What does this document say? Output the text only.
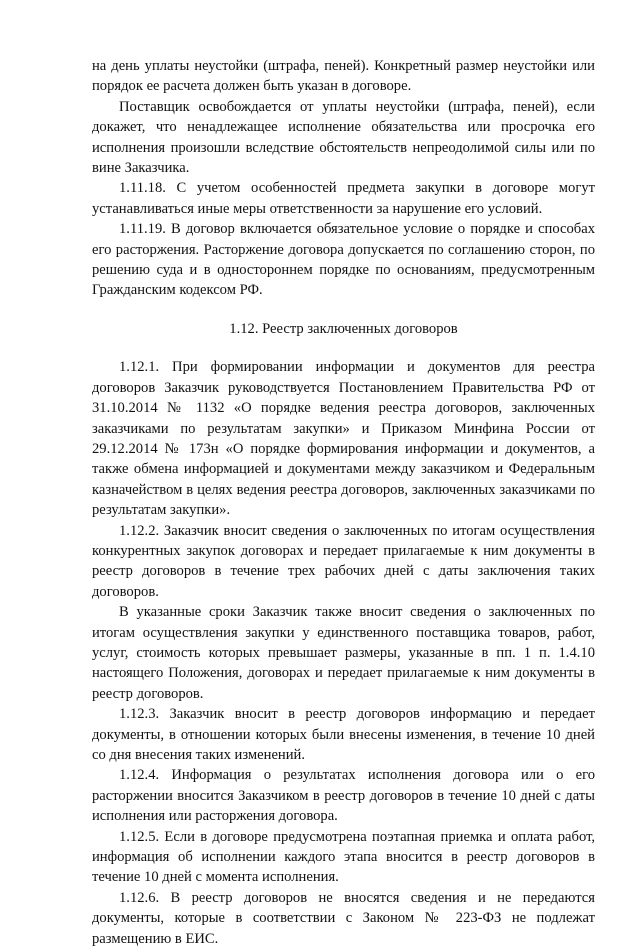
на день уплаты неустойки (штрафа, пеней). Конкретный размер неустойки или порядок ее расчета должен быть указан в договоре.

Поставщик освобождается от уплаты неустойки (штрафа, пеней), если докажет, что ненадлежащее исполнение обязательства или просрочка его исполнения произошли вследствие обстоятельств непреодолимой силы или по вине Заказчика.

1.11.18. С учетом особенностей предмета закупки в договоре могут устанавливаться иные меры ответственности за нарушение его условий.

1.11.19. В договор включается обязательное условие о порядке и способах его расторжения. Расторжение договора допускается по соглашению сторон, по решению суда и в одностороннем порядке по основаниям, предусмотренным Гражданским кодексом РФ.

1.12. Реестр заключенных договоров

1.12.1. При формировании информации и документов для реестра договоров Заказчик руководствуется Постановлением Правительства РФ от 31.10.2014 № 1132 «О порядке ведения реестра договоров, заключенных заказчиками по результатам закупки» и Приказом Минфина России от 29.12.2014 № 173н «О порядке формирования информации и документов, а также обмена информацией и документами между заказчиком и Федеральным казначейством в целях ведения реестра договоров, заключенных заказчиками по результатам закупки».

1.12.2. Заказчик вносит сведения о заключенных по итогам осуществления конкурентных закупок договорах и передает прилагаемые к ним документы в реестр договоров в течение трех рабочих дней с даты заключения таких договоров.

В указанные сроки Заказчик также вносит сведения о заключенных по итогам осуществления закупки у единственного поставщика товаров, работ, услуг, стоимость которых превышает размеры, указанные в пп. 1 п. 1.4.10 настоящего Положения, договорах и передает прилагаемые к ним документы в реестр договоров.

1.12.3. Заказчик вносит в реестр договоров информацию и передает документы, в отношении которых были внесены изменения, в течение 10 дней со дня внесения таких изменений.

1.12.4. Информация о результатах исполнения договора или о его расторжении вносится Заказчиком в реестр договоров в течение 10 дней с даты исполнения или расторжения договора.

1.12.5. Если в договоре предусмотрена поэтапная приемка и оплата работ, информация об исполнении каждого этапа вносится в реестр договоров в течение 10 дней с момента исполнения.

1.12.6. В реестр договоров не вносятся сведения и не передаются документы, которые в соответствии с Законом № 223-ФЗ не подлежат размещению в ЕИС.
